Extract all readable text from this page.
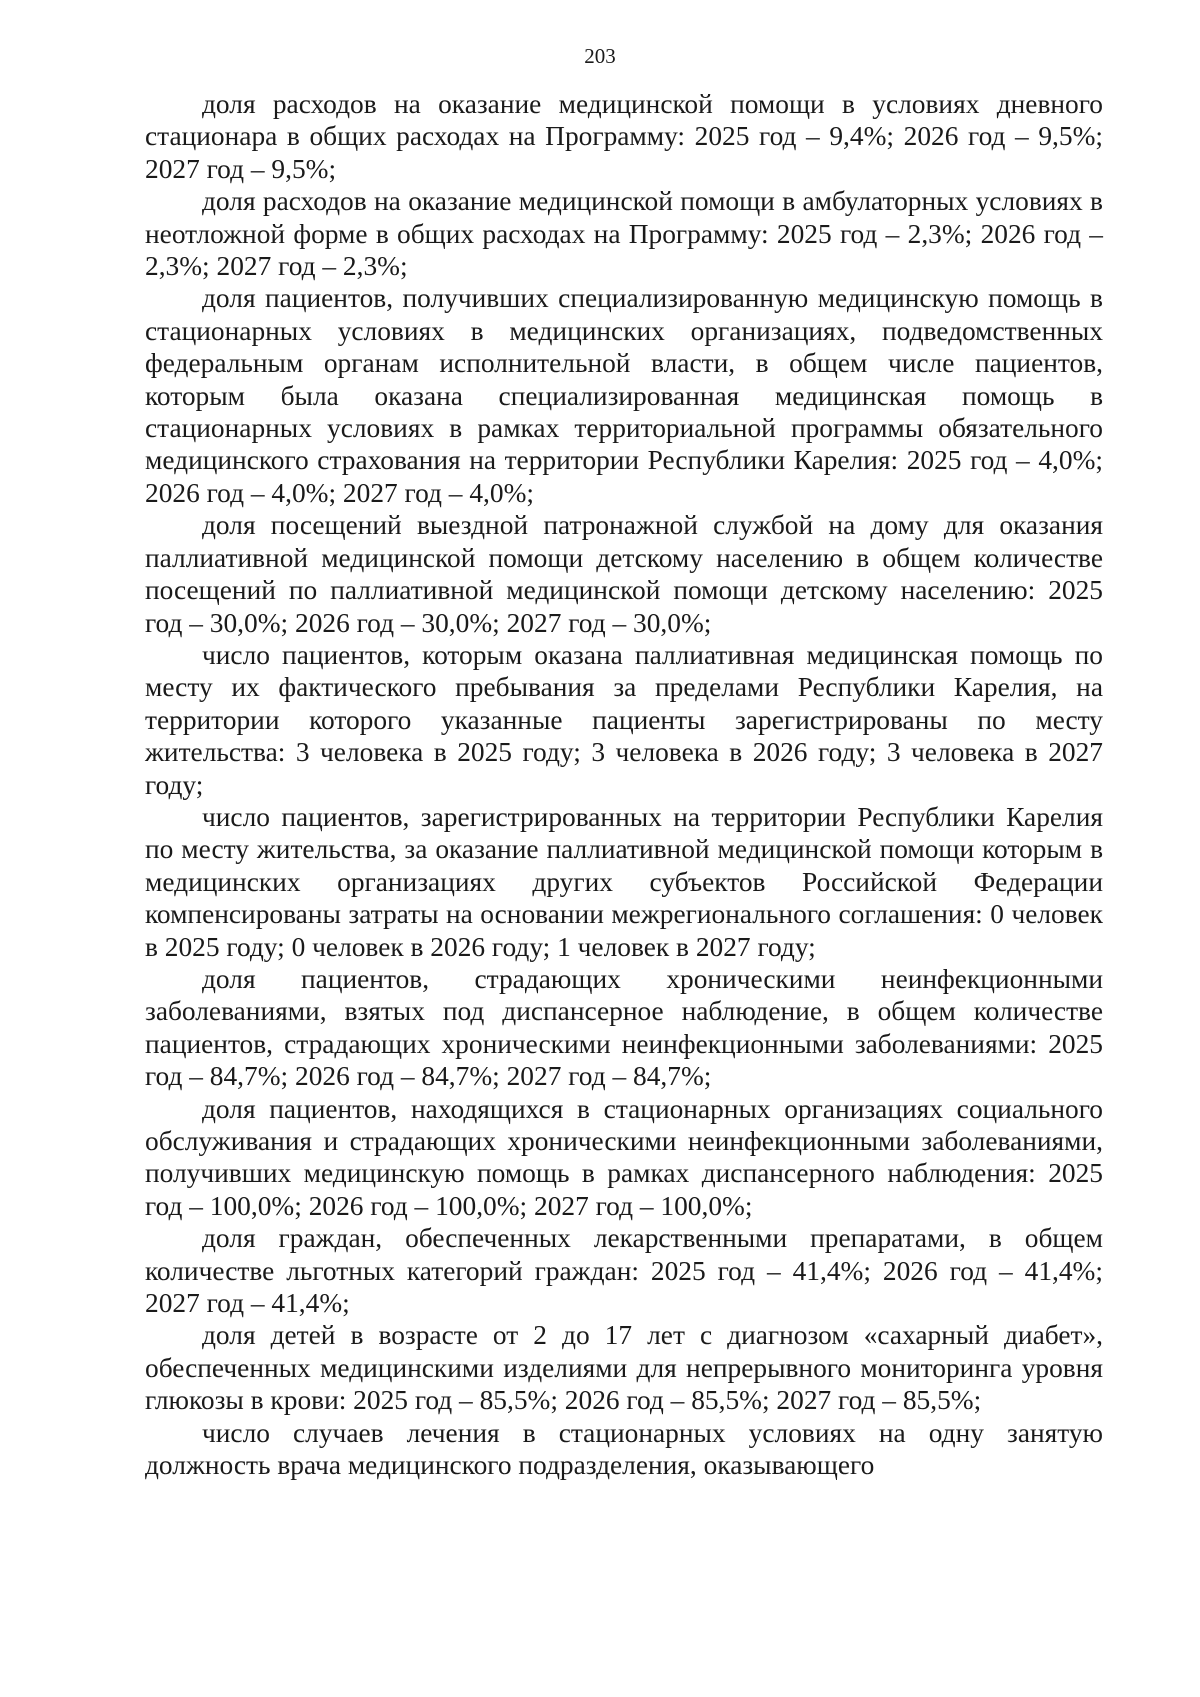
203

доля расходов на оказание медицинской помощи в условиях дневного стационара в общих расходах на Программу: 2025 год – 9,4%; 2026 год – 9,5%; 2027 год – 9,5%;

доля расходов на оказание медицинской помощи в амбулаторных условиях в неотложной форме в общих расходах на Программу: 2025 год – 2,3%; 2026 год – 2,3%; 2027 год – 2,3%;

доля пациентов, получивших специализированную медицинскую помощь в стационарных условиях в медицинских организациях, подведомственных федеральным органам исполнительной власти, в общем числе пациентов, которым была оказана специализированная медицинская помощь в стационарных условиях в рамках территориальной программы обязательного медицинского страхования на территории Республики Карелия: 2025 год – 4,0%; 2026 год – 4,0%; 2027 год – 4,0%;

доля посещений выездной патронажной службой на дому для оказания паллиативной медицинской помощи детскому населению в общем количестве посещений по паллиативной медицинской помощи детскому населению: 2025 год – 30,0%; 2026 год – 30,0%; 2027 год – 30,0%;

число пациентов, которым оказана паллиативная медицинская помощь по месту их фактического пребывания за пределами Республики Карелия, на территории которого указанные пациенты зарегистрированы по месту жительства: 3 человека в 2025 году; 3 человека в 2026 году; 3 человека в 2027 году;

число пациентов, зарегистрированных на территории Республики Карелия по месту жительства, за оказание паллиативной медицинской помощи которым в медицинских организациях других субъектов Российской Федерации компенсированы затраты на основании межрегионального соглашения: 0 человек в 2025 году; 0 человек в 2026 году; 1 человек в 2027 году;

доля пациентов, страдающих хроническими неинфекционными заболеваниями, взятых под диспансерное наблюдение, в общем количестве пациентов, страдающих хроническими неинфекционными заболеваниями: 2025 год – 84,7%; 2026 год – 84,7%; 2027 год – 84,7%;

доля пациентов, находящихся в стационарных организациях социального обслуживания и страдающих хроническими неинфекционными заболеваниями, получивших медицинскую помощь в рамках диспансерного наблюдения: 2025 год – 100,0%; 2026 год – 100,0%; 2027 год – 100,0%;

доля граждан, обеспеченных лекарственными препаратами, в общем количестве льготных категорий граждан: 2025 год – 41,4%; 2026 год – 41,4%; 2027 год – 41,4%;

доля детей в возрасте от 2 до 17 лет с диагнозом «сахарный диабет», обеспеченных медицинскими изделиями для непрерывного мониторинга уровня глюкозы в крови: 2025 год – 85,5%; 2026 год – 85,5%; 2027 год – 85,5%;

число случаев лечения в стационарных условиях на одну занятую должность врача медицинского подразделения, оказывающего
